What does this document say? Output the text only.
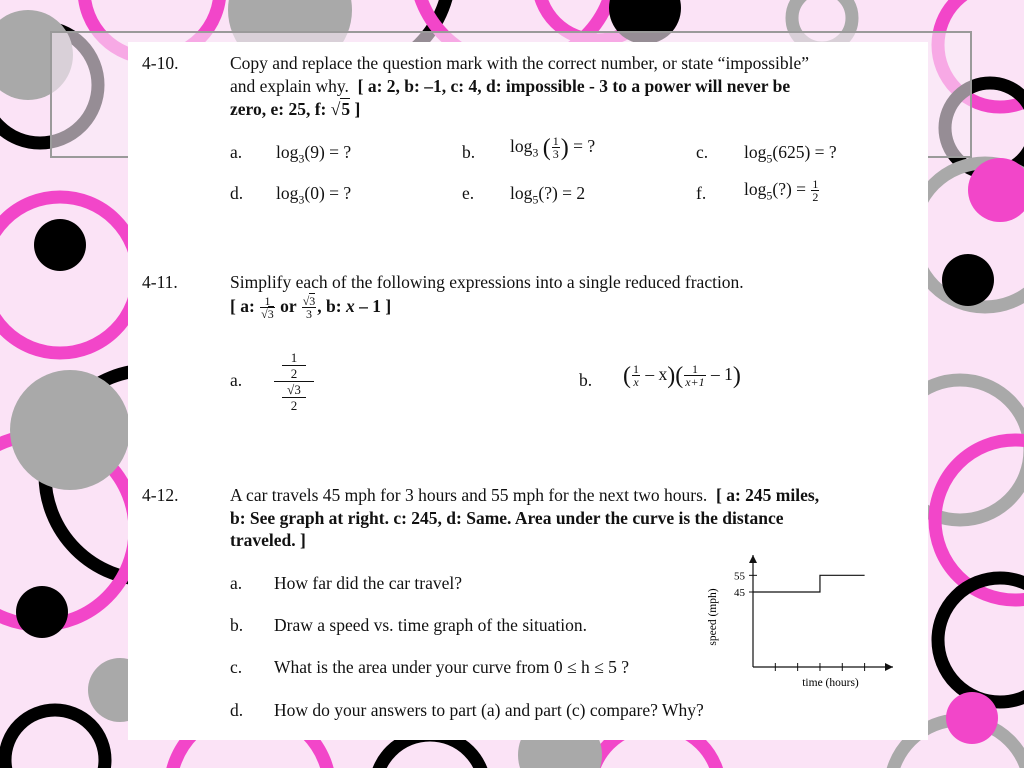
4-10.	Copy and replace the question mark with the correct number, or state “impossible”
and explain why. [ a: 2, b: –1, c: 4, d: impossible - 3 to a power will never be
zero, e: 25, f: √5 ]
a. $\log_3(9)$ = ?	b. $\log_3$ ( $\frac{1}{3}$ ) = ?	c. $\log_5(625)$ = ?
d. $\log_3(0)$ = ?	e. $\log_5(?) = 2$	f. $\log_5(?) = \frac{1}{2}$
4-11.	Simplify each of the following expressions into a single reduced fraction.
[ a: $\frac{1}{√3}$ or $\frac{√3}{3}$ , b: x – 1 ]
a.
1
2
√3
2
b. ( $\frac{1}{x} - x)( \frac{1}{x+1} - 1)$
4-12.	A car travels 45 mph for 3 hours and 55 mph for the next two hours. [ a: 245 miles,
b: See graph at right. c: 245, d: Same. Area under the curve is the distance
traveled. ]
a. How far did the car travel?
b. Draw a speed vs. time graph of the situation.
c. What is the area under your curve from 0 ≤ h ≤ 5 ?
d. How do your answers to part (a) and part (c) compare? Why?
45
55
time (hours)
speed (mph)
